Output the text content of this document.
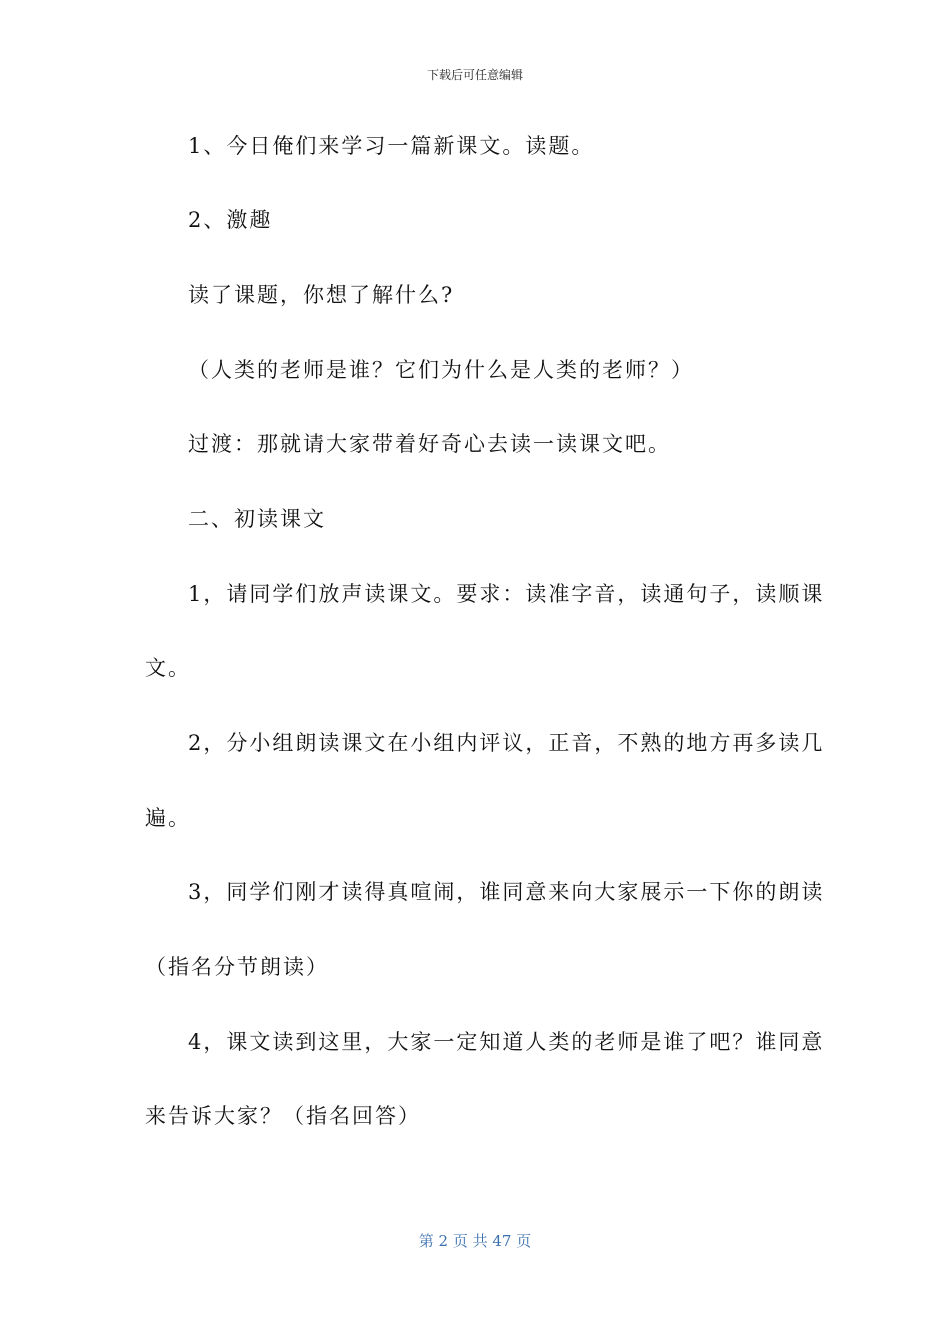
下载后可任意编辑
1、今日俺们来学习一篇新课文。读题。
2、激趣
读了课题，你想了解什么?
（人类的老师是谁？它们为什么是人类的老师？）
过渡：那就请大家带着好奇心去读一读课文吧。
二、初读课文
1，请同学们放声读课文。要求：读准字音，读通句子，读顺课
文。
2，分小组朗读课文在小组内评议，正音，不熟的地方再多读几
遍。
3，同学们刚才读得真喧闹，谁同意来向大家展示一下你的朗读
（指名分节朗读）
4，课文读到这里，大家一定知道人类的老师是谁了吧？谁同意
来告诉大家？（指名回答）
第 2 页 共 47 页
